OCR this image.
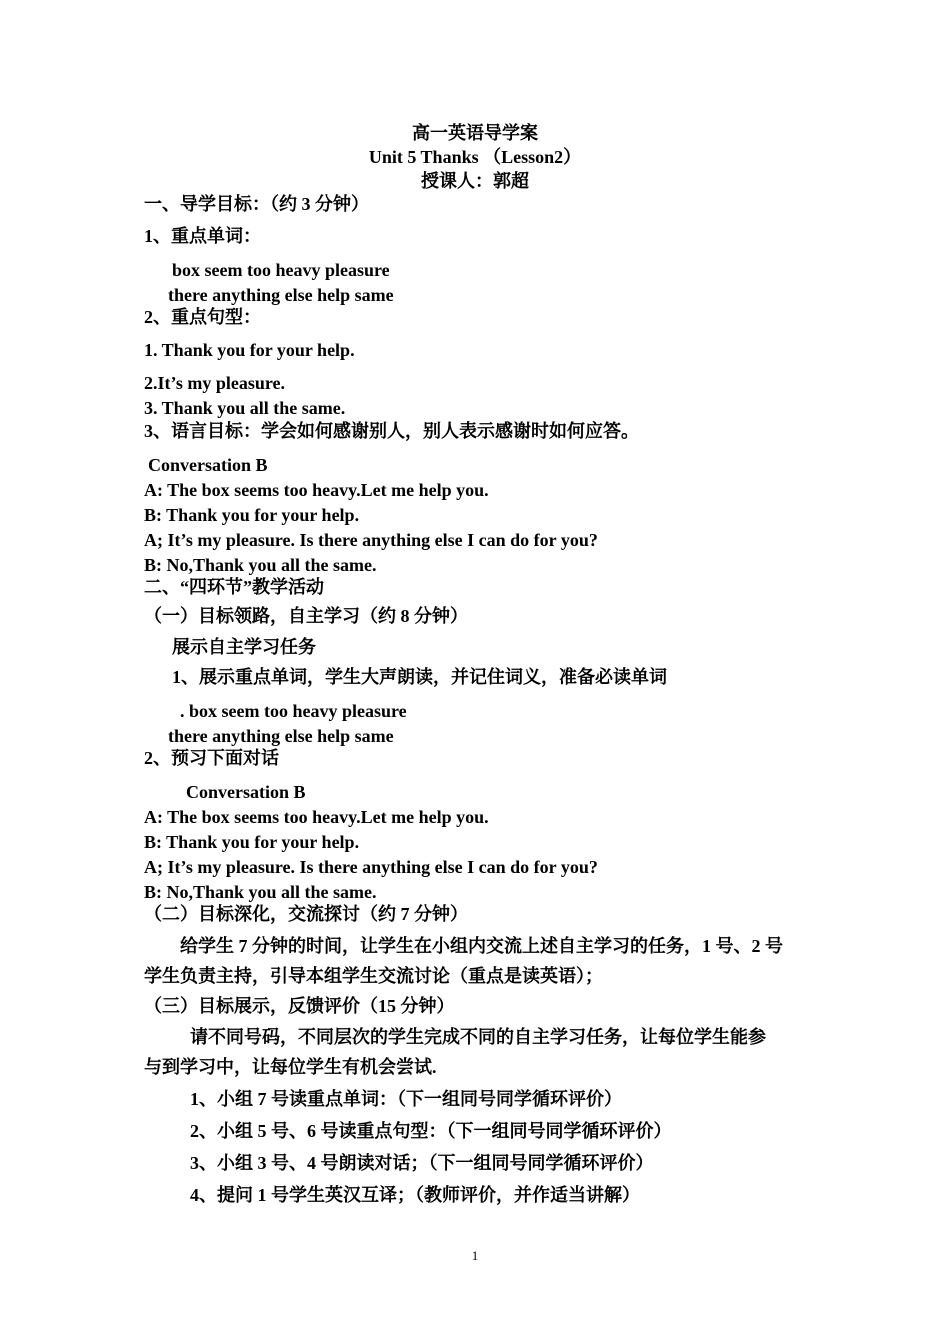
高一英语导学案
Unit 5 Thanks （Lesson2）
授课人：郭超
一、导学目标：（约 3 分钟）
1、重点单词：
box seem too heavy pleasure
there anything else help same
2、重点句型：
1. Thank you for your help.
2.It’s my pleasure.
3. Thank you all the same.
3、语言目标：学会如何感谢别人，别人表示感谢时如何应答。
Conversation B
A: The box seems too heavy.Let me help you.
B: Thank you for your help.
A; It’s my pleasure. Is there anything else I can do for you?
B: No,Thank you all the same.
二、“四环节”教学活动
（一）目标领路，自主学习（约 8 分钟）
展示自主学习任务
1、展示重点单词，学生大声朗读，并记住词义，准备必读单词
. box seem too heavy pleasure
there anything else help same
2、预习下面对话
Conversation B
A: The box seems too heavy.Let me help you.
B: Thank you for your help.
A; It’s my pleasure. Is there anything else I can do for you?
B: No,Thank you all the same.
（二）目标深化，交流探讨（约 7 分钟）
给学生 7 分钟的时间，让学生在小组内交流上述自主学习的任务，1 号、2 号
学生负责主持，引导本组学生交流讨论（重点是读英语）；
（三）目标展示，反馈评价（15 分钟）
请不同号码，不同层次的学生完成不同的自主学习任务，让每位学生能参
与到学习中，让每位学生有机会尝试.
1、小组 7 号读重点单词：（下一组同号同学循环评价）
2、小组 5 号、6 号读重点句型：（下一组同号同学循环评价）
3、小组 3 号、4 号朗读对话；（下一组同号同学循环评价）
4、提问 1 号学生英汉互译；（教师评价，并作适当讲解）
1
